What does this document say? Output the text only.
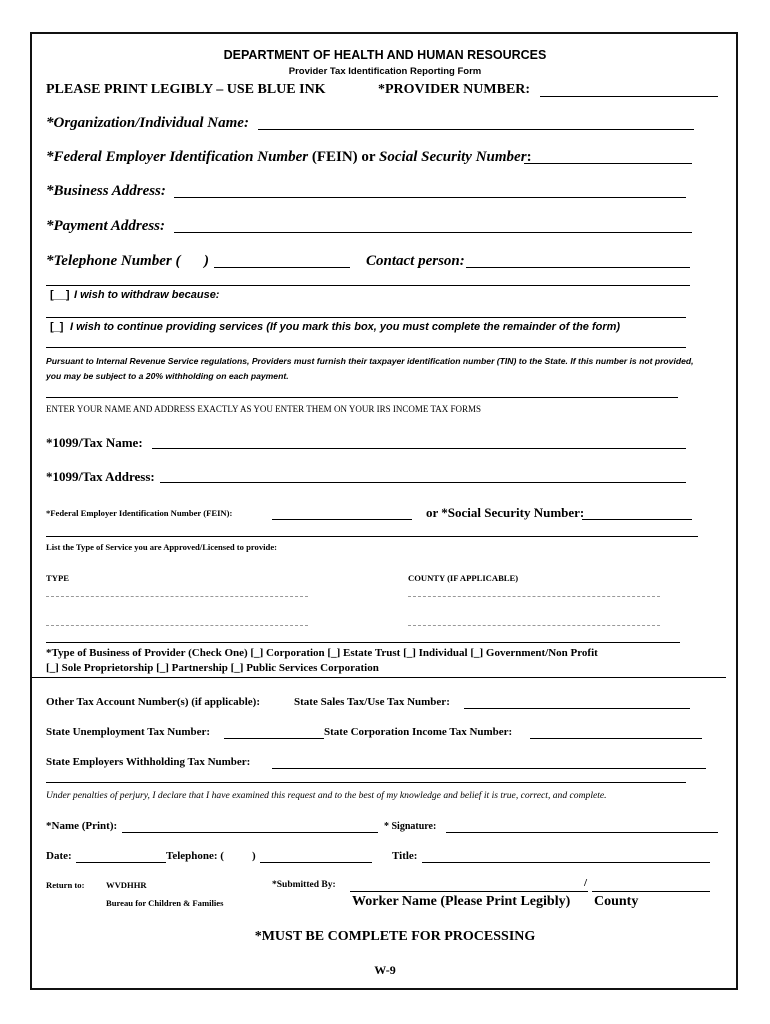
DEPARTMENT OF HEALTH AND HUMAN RESOURCES
Provider Tax Identification Reporting Form
PLEASE PRINT LEGIBLY – USE BLUE INK	*PROVIDER NUMBER:
*Organization/Individual Name:
*Federal Employer Identification Number (FEIN) or Social Security Number:
*Business Address:
*Payment Address:
*Telephone Number ( )	Contact person:
[__] I wish to withdraw because:
[_] I wish to continue providing services (If you mark this box, you must complete the remainder of the form)
Pursuant to Internal Revenue Service regulations, Providers must furnish their taxpayer identification number (TIN) to the State. If this number is not provided, you may be subject to a 20% withholding on each payment.
ENTER YOUR NAME AND ADDRESS EXACTLY AS YOU ENTER THEM ON YOUR IRS INCOME TAX FORMS
*1099/Tax Name:
*1099/Tax Address:
*Federal Employer Identification Number (FEIN):	or *Social Security Number:
List the Type of Service you are Approved/Licensed to provide:
TYPE	COUNTY (IF APPLICABLE)
*Type of Business of Provider (Check One) [_] Corporation [_] Estate Trust [_] Individual [_] Government/Non Profit
[_] Sole Proprietorship [_] Partnership [_] Public Services Corporation
Other Tax Account Number(s) (if applicable):	State Sales Tax/Use Tax Number:
State Unemployment Tax Number:	State Corporation Income Tax Number:
State Employers Withholding Tax Number:
Under penalties of perjury, I declare that I have examined this request and to the best of my knowledge and belief it is true, correct, and complete.
*Name (Print):	* Signature:
Date:	Telephone: (	)	Title:
Return to:	WVDHHR
Bureau for Children & Families
*Submitted By:	/
Worker Name (Please Print Legibly) County
*MUST BE COMPLETE FOR PROCESSING
W-9
